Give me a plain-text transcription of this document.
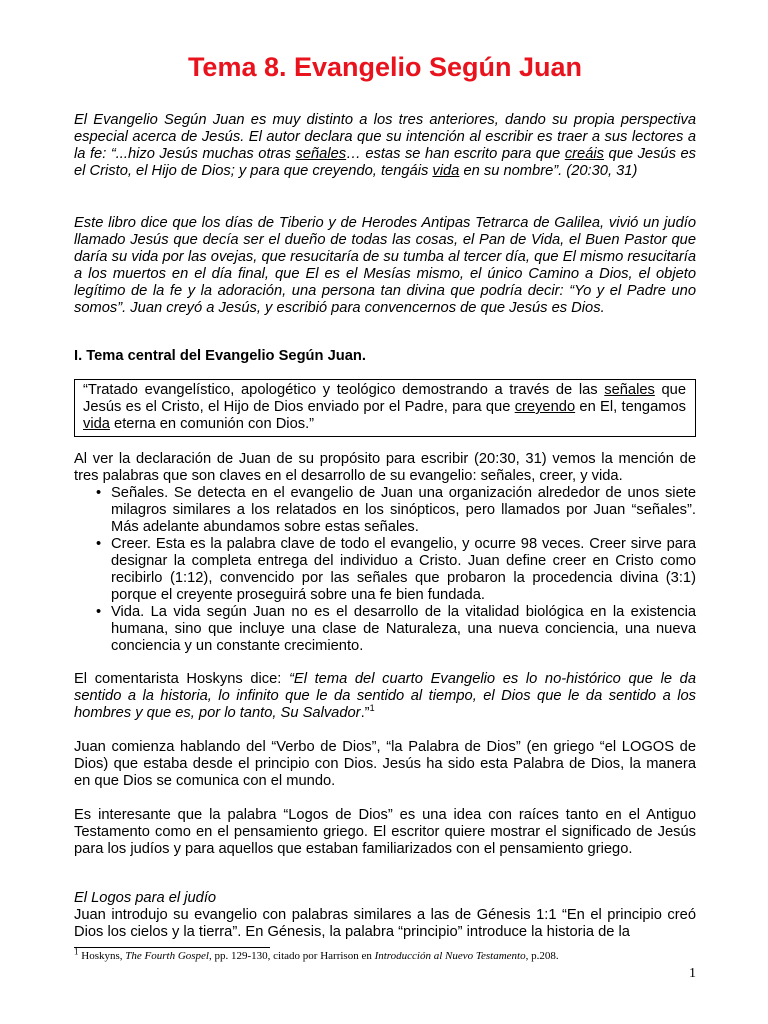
Tema 8. Evangelio Según Juan

El Evangelio Según Juan es muy distinto a los tres anteriores, dando su propia perspectiva especial acerca de Jesús. El autor declara que su intención al escribir es traer a sus lectores a la fe: “...hizo Jesús muchas otras señales… estas se han escrito para que creáis que Jesús es el Cristo, el Hijo de Dios; y para que creyendo, tengáis vida en su nombre”. (20:30, 31)

Este libro dice que los días de Tiberio y de Herodes Antipas Tetrarca de Galilea, vivió un judío llamado Jesús que decía ser el dueño de todas las cosas, el Pan de Vida, el Buen Pastor que daría su vida por las ovejas, que resucitaría de su tumba al tercer día, que El mismo resucitaría a los muertos en el día final, que El es el Mesías mismo, el único Camino a Dios, el objeto legítimo de la fe y la adoración, una persona tan divina que podría decir: “Yo y el Padre uno somos”. Juan creyó a Jesús, y escribió para convencernos de que Jesús es Dios.

I. Tema central del Evangelio Según Juan.

“Tratado evangelístico, apologético y teológico demostrando a través de las señales que Jesús es el Cristo, el Hijo de Dios enviado por el Padre, para que creyendo en El, tengamos vida eterna en comunión con Dios.”

Al ver la declaración de Juan de su propósito para escribir (20:30, 31) vemos la mención de tres palabras que son claves en el desarrollo de su evangelio: señales, creer, y vida.

• Señales. Se detecta en el evangelio de Juan una organización alrededor de unos siete milagros similares a los relatados en los sinópticos, pero llamados por Juan “señales”. Más adelante abundamos sobre estas señales.
• Creer. Esta es la palabra clave de todo el evangelio, y ocurre 98 veces. Creer sirve para designar la completa entrega del individuo a Cristo. Juan define creer en Cristo como recibirlo (1:12), convencido por las señales que probaron la procedencia divina (3:1) porque el creyente proseguirá sobre una fe bien fundada.
• Vida. La vida según Juan no es el desarrollo de la vitalidad biológica en la existencia humana, sino que incluye una clase de Naturaleza, una nueva conciencia, una nueva conciencia y un constante crecimiento.

El comentarista Hoskyns dice: “El tema del cuarto Evangelio es lo no-histórico que le da sentido a la historia, lo infinito que le da sentido al tiempo, el Dios que le da sentido a los hombres y que es, por lo tanto, Su Salvador.”$^1$

Juan comienza hablando del “Verbo de Dios”, “la Palabra de Dios” (en griego “el LOGOS de Dios) que estaba desde el principio con Dios. Jesús ha sido esta Palabra de Dios, la manera en que Dios se comunica con el mundo.

Es interesante que la palabra “Logos de Dios” es una idea con raíces tanto en el Antiguo Testamento como en el pensamiento griego. El escritor quiere mostrar el significado de Jesús para los judíos y para aquellos que estaban familiarizados con el pensamiento griego.

El Logos para el judío

Juan introdujo su evangelio con palabras similares a las de Génesis 1:1 “En el principio creó Dios los cielos y la tierra”. En Génesis, la palabra “principio” introduce la historia de la

$^1$ Hoskyns, The Fourth Gospel, pp. 129-130, citado por Harrison en Introducción al Nuevo Testamento, p.208.
1
